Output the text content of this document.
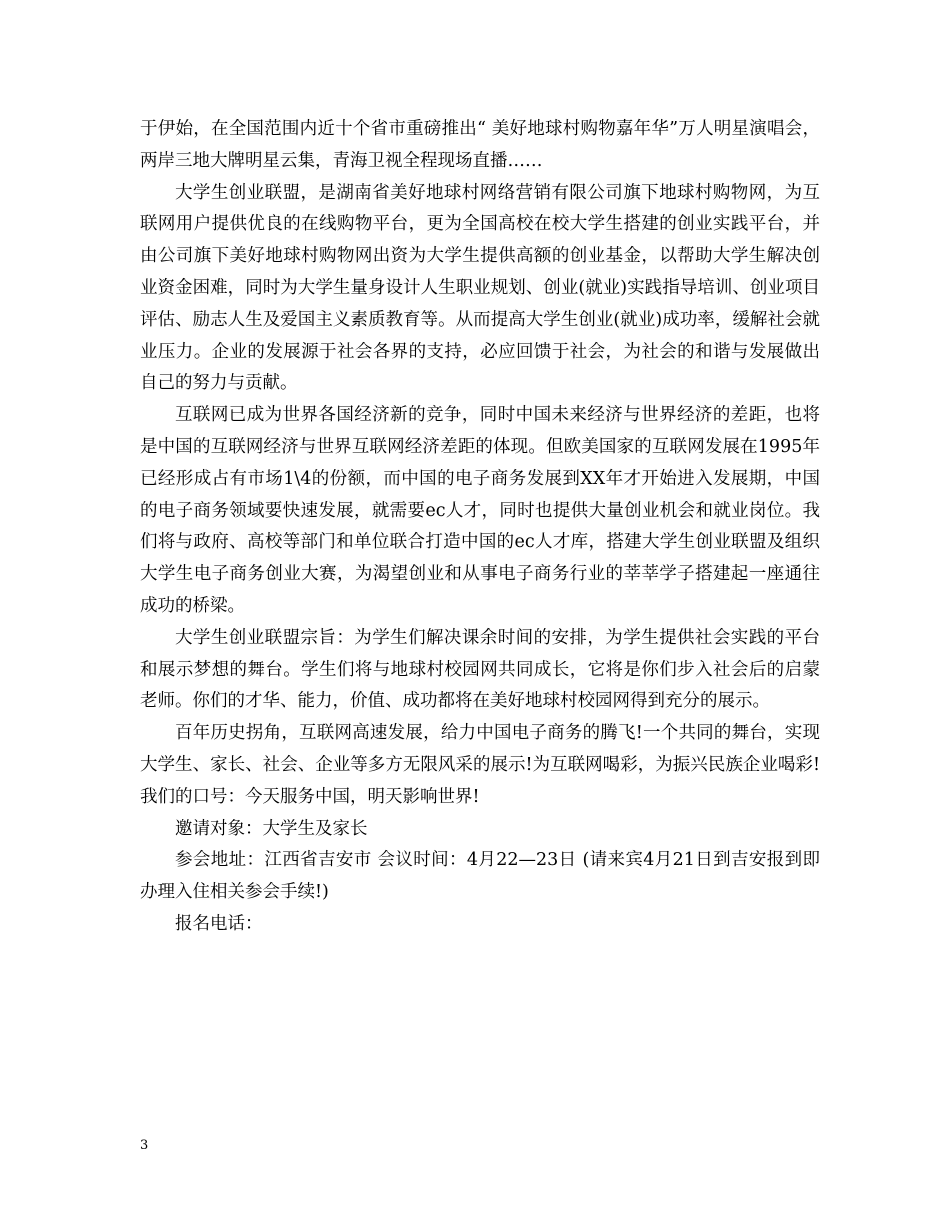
于伊始，在全国范围内近十个省市重磅推出“ 美好地球村购物嘉年华”万人明星演唱会，两岸三地大牌明星云集，青海卫视全程现场直播……

大学生创业联盟，是湖南省美好地球村网络营销有限公司旗下地球村购物网，为互联网用户提供优良的在线购物平台，更为全国高校在校大学生搭建的创业实践平台，并由公司旗下美好地球村购物网出资为大学生提供高额的创业基金，以帮助大学生解决创业资金困难，同时为大学生量身设计人生职业规划、创业(就业)实践指导培训、创业项目评估、励志人生及爱国主义素质教育等。从而提高大学生创业(就业)成功率，缓解社会就业压力。企业的发展源于社会各界的支持，必应回馈于社会，为社会的和谐与发展做出自己的努力与贡献。

互联网已成为世界各国经济新的竞争，同时中国未来经济与世界经济的差距，也将是中国的互联网经济与世界互联网经济差距的体现。但欧美国家的互联网发展在1995年已经形成占有市场1\4的份额，而中国的电子商务发展到XX年才开始进入发展期，中国的电子商务领域要快速发展，就需要ec人才，同时也提供大量创业机会和就业岗位。我们将与政府、高校等部门和单位联合打造中国的ec人才库，搭建大学生创业联盟及组织大学生电子商务创业大赛，为渴望创业和从事电子商务行业的莘莘学子搭建起一座通往成功的桥梁。

大学生创业联盟宗旨：为学生们解决课余时间的安排，为学生提供社会实践的平台和展示梦想的舞台。学生们将与地球村校园网共同成长，它将是你们步入社会后的启蒙老师。你们的才华、能力，价值、成功都将在美好地球村校园网得到充分的展示。

百年历史拐角，互联网高速发展，给力中国电子商务的腾飞!一个共同的舞台，实现大学生、家长、社会、企业等多方无限风采的展示!为互联网喝彩，为振兴民族企业喝彩!我们的口号：今天服务中国，明天影响世界!

邀请对象：大学生及家长

参会地址：江西省吉安市 会议时间：4月22—23日 (请来宾4月21日到吉安报到即办理入住相关参会手续!)

报名电话：

3
